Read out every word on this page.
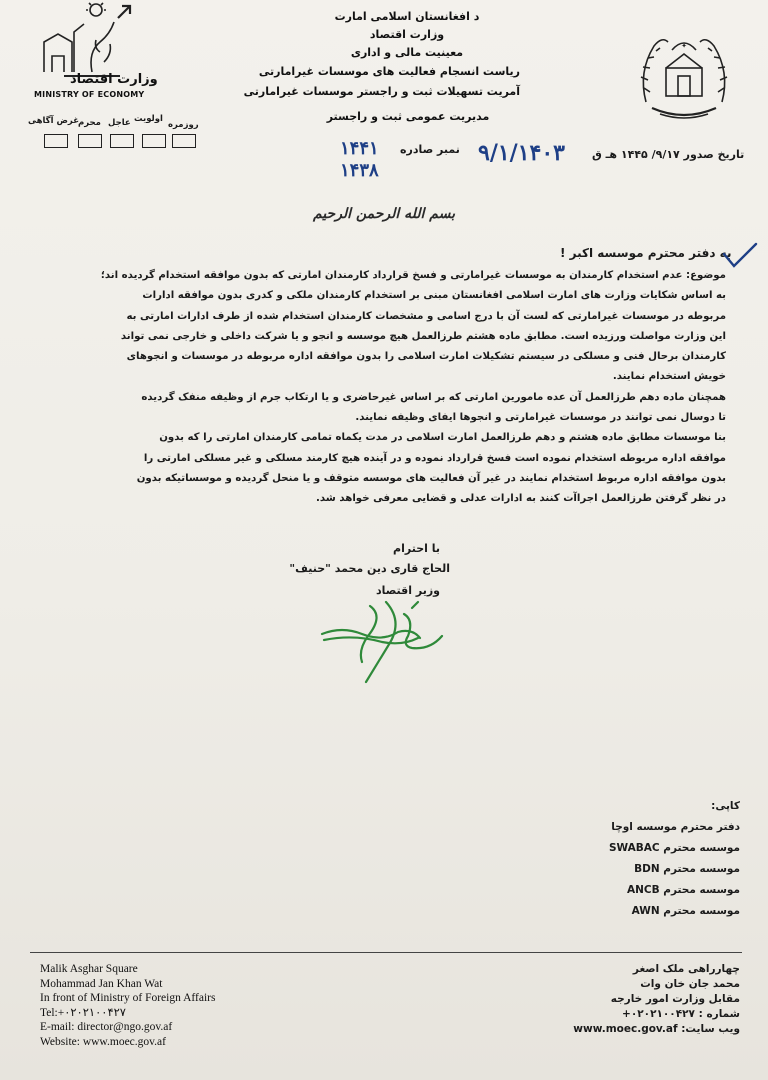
✦
وزارت اقتصاد
MINISTRY OF ECONOMY
د افغانستان اسلامی امارت
وزارت اقتصاد
معینیت مالی و اداری
ریاست انسجام فعالیت های موسسات غیرامارتی
آمریت تسهیلات ثبت و راجستر موسسات غیرامارتی
مدیریت عمومی ثبت و راجستر
روزمره
اولویت
عاجل
محرم
غرض آگاهی
۱۴۴۱
۱۴۳۸
نمبر صادره ۹/۱/۱۴۰۳ تاریخ صدور ۹/۱۷/ ۱۴۴۵ هـ ق
بسم الله الرحمن الرحیم
به دفتر محترم موسسه اکبر !

موضوع: عدم استخدام کارمندان به موسسات غیرامارتی و فسخ قرارداد کارمندان امارتی که بدون موافقه استخدام گردیده اند؛

به اساس شکایات وزارت های امارت اسلامی افغانستان مبنی بر استخدام کارمندان ملکی و کدری بدون موافقه ادارات

مربوطه در موسسات غیرامارتی که لست آن با درج اسامی و مشخصات کارمندان استخدام شده از طرف ادارات امارتی به

این وزارت مواصلت ورزیده است. مطابق ماده هشتم طرزالعمل هیچ موسسه و انجو و یا شرکت داخلی و خارجی نمی تواند

کارمندان برحال فنی و مسلکی در سیستم تشکیلات امارت اسلامی را بدون موافقه اداره مربوطه در موسسات و انجوهای

خویش استخدام نمایند.

همچنان ماده دهم طرزالعمل آن عده مامورین امارتی که بر اساس غیرحاضری و یا ارتکاب جرم از وظیفه منفک گردیده

تا دوسال نمی توانند در موسسات غیرامارتی و انجوها ایفای وظیفه نمایند.

بنا موسسات مطابق ماده هشتم و دهم طرزالعمل امارت اسلامی در مدت یکماه تمامی کارمندان امارتی را که بدون

موافقه اداره مربوطه استخدام نموده است فسخ قرارداد نموده و در آینده هیچ کارمند مسلکی و غیر مسلکی امارتی را

بدون موافقه اداره مربوط استخدام نمایند در غیر آن فعالیت های موسسه متوقف و یا منحل گردیده و موسساتیکه بدون

در نظر گرفتن طرزالعمل اجراآت کنند به ادارات عدلی و قضایی معرفی خواهد شد.

با احترام
الحاج قاری دین محمد "حنیف"
وزیر اقتصاد
کاپی:
دفتر محترم موسسه اوچا
موسسه محترم SWABAC
موسسه محترم BDN
موسسه محترم ANCB
موسسه محترم AWN
Malik Asghar Square
Mohammad Jan Khan Wat
In front of Ministry of Foreign Affairs
Tel:+۰۲۰۲۱۰۰۴۲۷
E-mail: director@ngo.gov.af
Website: www.moec.gov.af
چهارراهی ملک اصغر
محمد جان خان وات
مقابل وزارت امور خارجه
شماره : ۰۲۰۲۱۰۰۴۲۷+
ویب سایت: www.moec.gov.af
